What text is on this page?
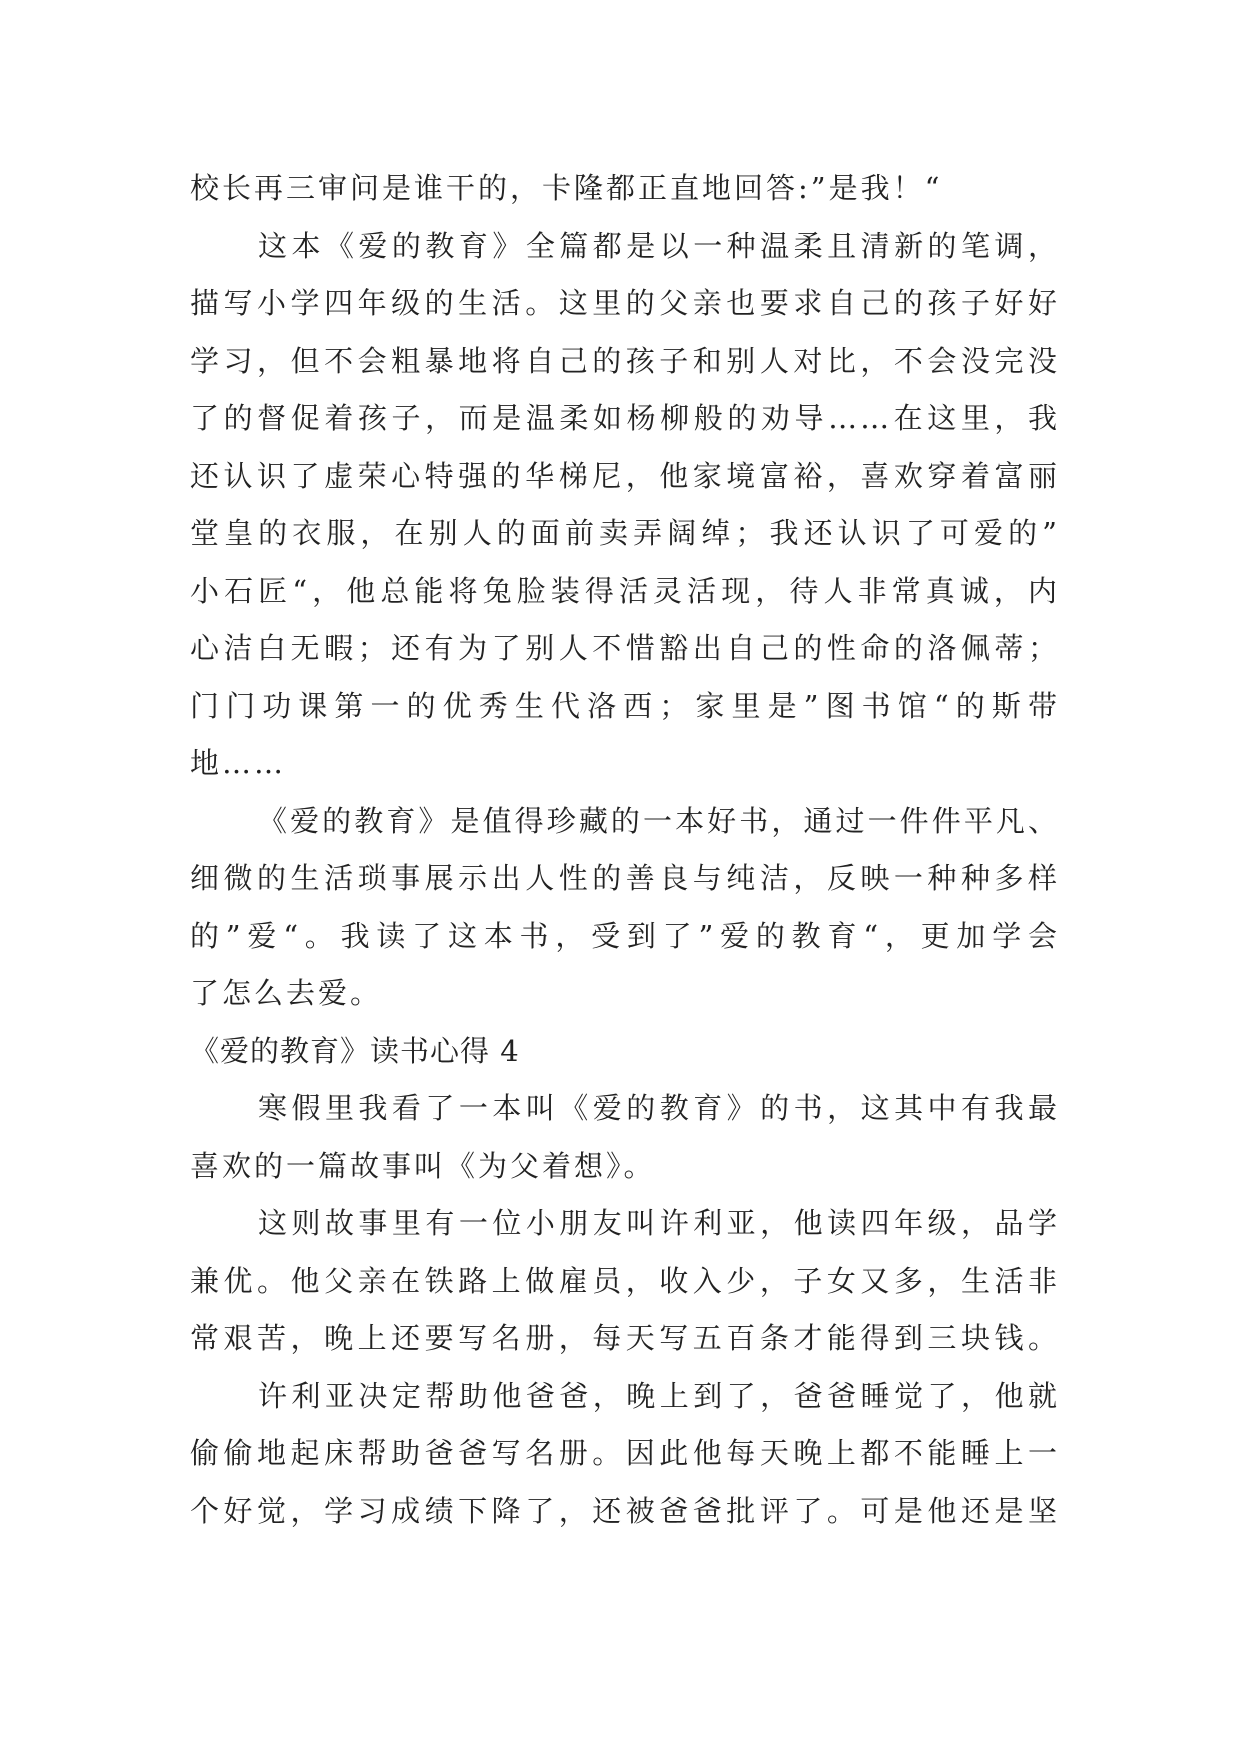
校长再三审问是谁干的，卡隆都正直地回答:”是我！“
这本《爱的教育》全篇都是以一种温柔且清新的笔调，
描写小学四年级的生活。这里的父亲也要求自己的孩子好好
学习，但不会粗暴地将自己的孩子和别人对比，不会没完没
了的督促着孩子，而是温柔如杨柳般的劝导……在这里，我
还认识了虚荣心特强的华梯尼，他家境富裕，喜欢穿着富丽
堂皇的衣服，在别人的面前卖弄阔绰；我还认识了可爱的”
小石匠“，他总能将兔脸装得活灵活现，待人非常真诚，内
心洁白无暇；还有为了别人不惜豁出自己的性命的洛佩蒂；
门门功课第一的优秀生代洛西；家里是”图书馆“的斯带
地……
《爱的教育》是值得珍藏的一本好书，通过一件件平凡、
细微的生活琐事展示出人性的善良与纯洁，反映一种种多样
的”爱“。我读了这本书，受到了”爱的教育“，更加学会
了怎么去爱。
《爱的教育》读书心得 4
寒假里我看了一本叫《爱的教育》的书，这其中有我最
喜欢的一篇故事叫《为父着想》。
这则故事里有一位小朋友叫许利亚，他读四年级，品学
兼优。他父亲在铁路上做雇员，收入少，子女又多，生活非
常艰苦，晚上还要写名册，每天写五百条才能得到三块钱。
许利亚决定帮助他爸爸，晚上到了，爸爸睡觉了，他就
偷偷地起床帮助爸爸写名册。因此他每天晚上都不能睡上一
个好觉，学习成绩下降了，还被爸爸批评了。可是他还是坚
